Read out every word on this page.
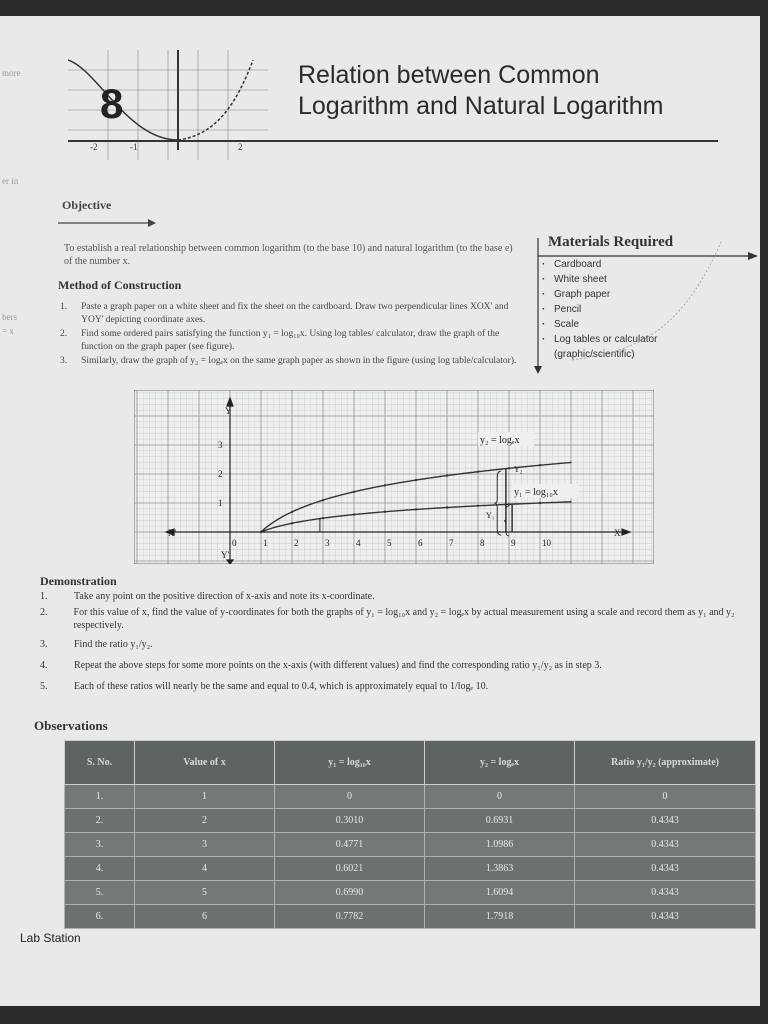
more
er in
bers
= x
-2	-1	2
8
Relation between Common
Logarithm and Natural Logarithm
Objective
To establish a real relationship between common logarithm (to the base 10) and natural logarithm (to the base e) of the number x.
Method of Construction
1. Paste a graph paper on a white sheet and fix the sheet on the cardboard. Draw two perpendicular lines XOX' and YOY' depicting coordinate axes.
2. Find some ordered pairs satisfying the function y₁ = log₁₀x. Using log tables/ calculator, draw the graph of the function on the graph paper (see figure).
3. Similarly, draw the graph of y₂ = logₑx on the same graph paper as shown in the figure (using log table/calculator).
Materials Required
· Cardboard
· White sheet
· Graph paper
· Pencil
· Scale
· Log tables or calculator (graphic/scientific)
0	1	2	3	4	5	6	7	8	9	10
1
2
3
Y
Y'
X'	X
y₂ = logₑx
y₁ = log₁₀x
Y₂
Y₁
Demonstration
1.	Take any point on the positive direction of x-axis and note its x-coordinate.
2.	For this value of x, find the value of y-coordinates for both the graphs of y₁ = log₁₀x and y₂ = logₑx by actual measurement using a scale and record them as y₁ and y₂ respectively.
3.	Find the ratio y₁/y₂.
4.	Repeat the above steps for some more points on the x-axis (with different values) and find the corresponding ratio y₁/y₂ as in step 3.
5.	Each of these ratios will nearly be the same and equal to 0.4, which is approximately equal to 1/logₑ 10.
Observations
S. No.	Value of x	y₁ = log₁₀x	y₂ = logₑx	Ratio y₁/y₂ (approximate)
1.	1	0	0	0
2.	2	0.3010	0.6931	0.4343
3.	3	0.4771	1.0986	0.4343
4.	4	0.6021	1.3863	0.4343
5.	5	0.6990	1.6094	0.4343
6.	6	0.7782	1.7918	0.4343
Lab Station
